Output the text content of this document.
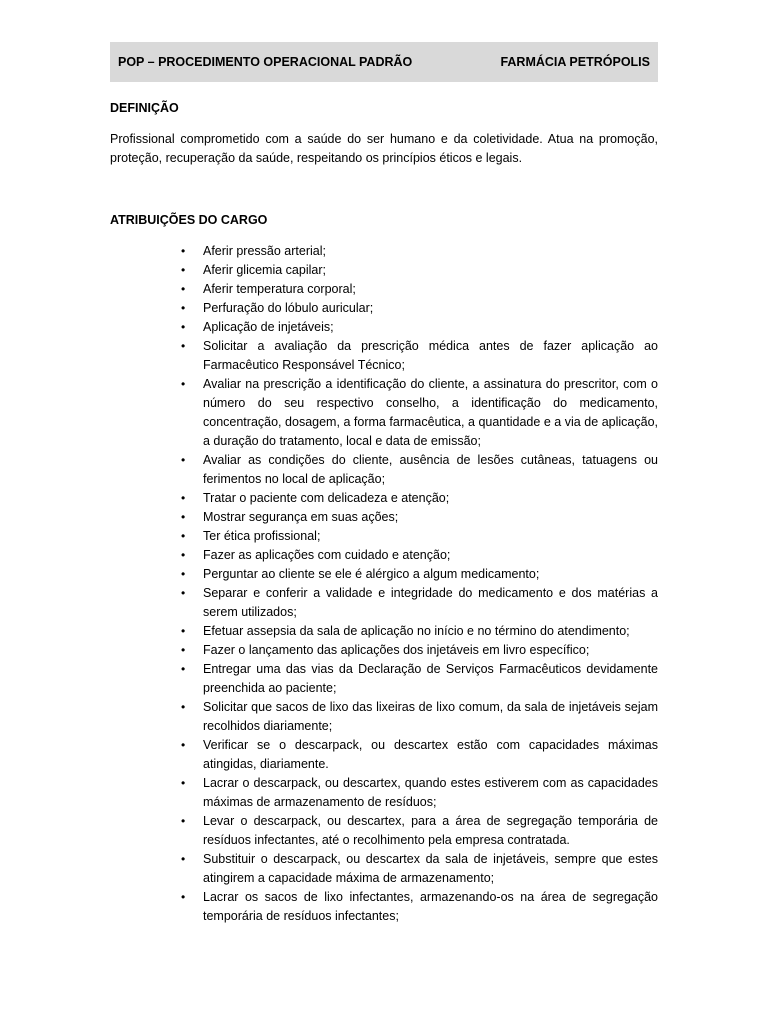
POP – PROCEDIMENTO OPERACIONAL PADRÃO	FARMÁCIA PETRÓPOLIS
DEFINIÇÃO

Profissional comprometido com a saúde do ser humano e da coletividade. Atua na promoção, proteção, recuperação da saúde, respeitando os princípios éticos e legais.

ATRIBUIÇÕES DO CARGO
• Aferir pressão arterial;
• Aferir glicemia capilar;
• Aferir temperatura corporal;
• Perfuração do lóbulo auricular;
• Aplicação de injetáveis;
• Solicitar a avaliação da prescrição médica antes de fazer aplicação ao Farmacêutico Responsável Técnico;
• Avaliar na prescrição a identificação do cliente, a assinatura do prescritor, com o número do seu respectivo conselho, a identificação do medicamento, concentração, dosagem, a forma farmacêutica, a quantidade e a via de aplicação, a duração do tratamento, local e data de emissão;
• Avaliar as condições do cliente, ausência de lesões cutâneas, tatuagens ou ferimentos no local de aplicação;
• Tratar o paciente com delicadeza e atenção;
• Mostrar segurança em suas ações;
• Ter ética profissional;
• Fazer as aplicações com cuidado e atenção;
• Perguntar ao cliente se ele é alérgico a algum medicamento;
• Separar e conferir a validade e integridade do medicamento e dos matérias a serem utilizados;
• Efetuar assepsia da sala de aplicação no início e no término do atendimento;
• Fazer o lançamento das aplicações dos injetáveis em livro específico;
• Entregar uma das vias da Declaração de Serviços Farmacêuticos devidamente preenchida ao paciente;
• Solicitar que sacos de lixo das lixeiras de lixo comum, da sala de injetáveis sejam recolhidos diariamente;
• Verificar se o descarpack, ou descartex estão com capacidades máximas atingidas, diariamente.
• Lacrar o descarpack, ou descartex, quando estes estiverem com as capacidades máximas de armazenamento de resíduos;
• Levar o descarpack, ou descartex, para a área de segregação temporária de resíduos infectantes, até o recolhimento pela empresa contratada.
• Substituir o descarpack, ou descartex da sala de injetáveis, sempre que estes atingirem a capacidade máxima de armazenamento;
• Lacrar os sacos de lixo infectantes, armazenando-os na área de segregação temporária de resíduos infectantes;
